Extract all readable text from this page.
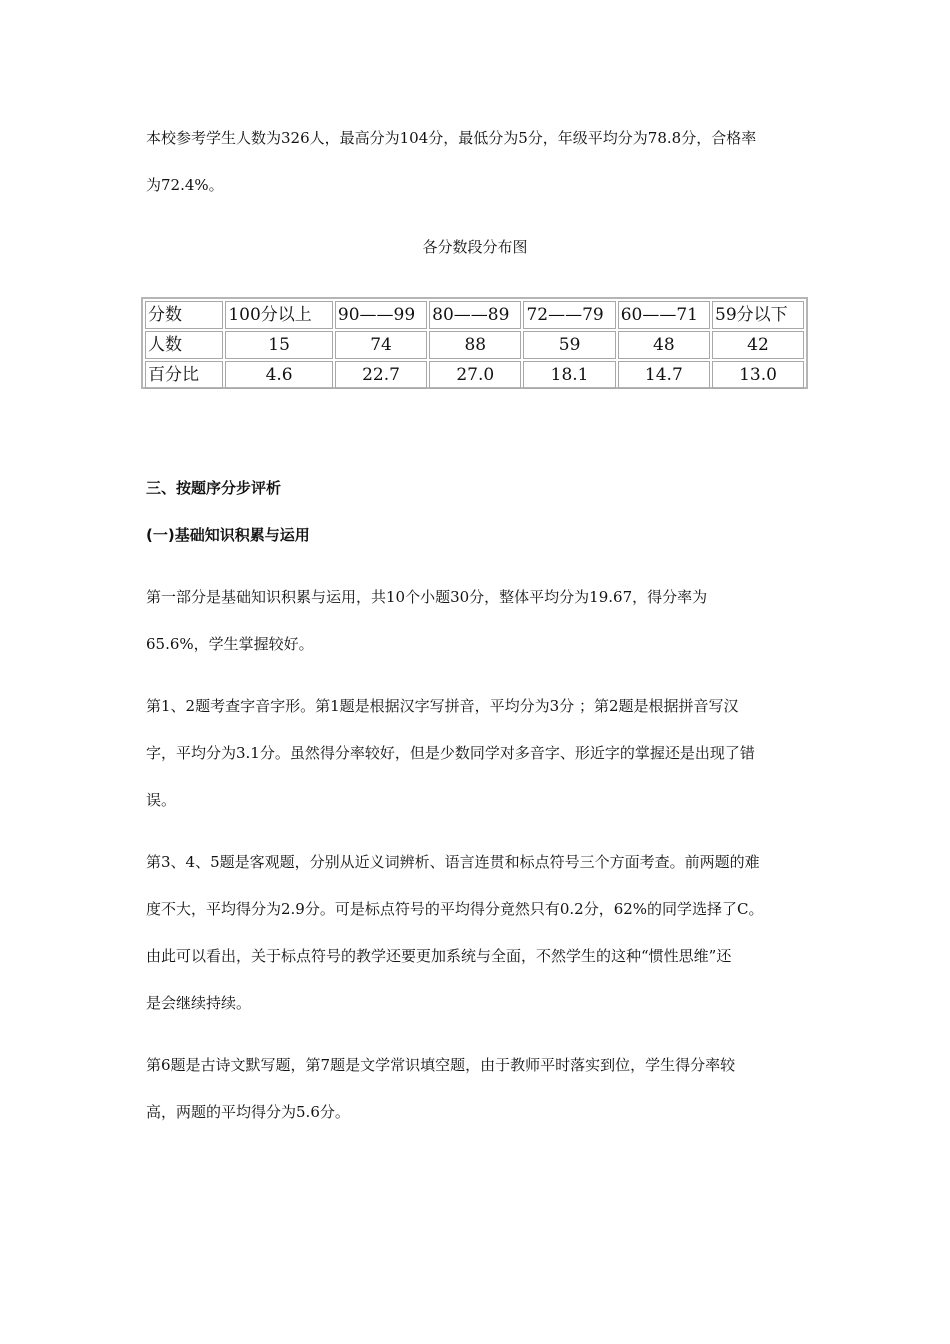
本校参考学生人数为326人，最高分为104分，最低分为5分，年级平均分为78.8分，合格率
为72.4%。
各分数段分布图
分数	100分以上	90——99	80——89	72——79	60——71	59分以下
人数	15	74	88	59	48	42
百分比	4.6	22.7	27.0	18.1	14.7	13.0
三、按题序分步评析
(一)基础知识积累与运用
第一部分是基础知识积累与运用，共10个小题30分，整体平均分为19.67，得分率为
65.6%，学生掌握较好。
第1、2题考查字音字形。第1题是根据汉字写拼音，平均分为3分 ；第2题是根据拼音写汉
字，平均分为3.1分。虽然得分率较好，但是少数同学对多音字、形近字的掌握还是出现了错
误。
第3、4、5题是客观题，分别从近义词辨析、语言连贯和标点符号三个方面考查。前两题的难
度不大，平均得分为2.9分。可是标点符号的平均得分竟然只有0.2分，62%的同学选择了C。
由此可以看出，关于标点符号的教学还要更加系统与全面，不然学生的这种“惯性思维”还
是会继续持续。
第6题是古诗文默写题，第7题是文学常识填空题，由于教师平时落实到位，学生得分率较
高，两题的平均得分为5.6分。
